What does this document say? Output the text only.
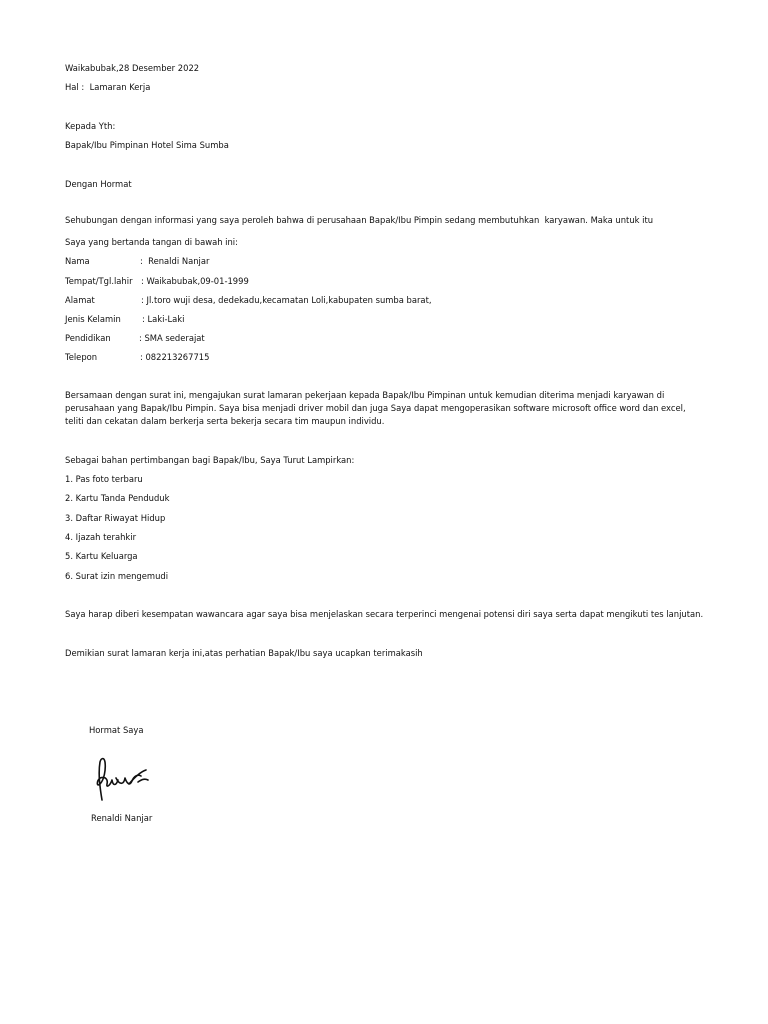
Waikabubak,28 Desember 2022
Hal :  Lamaran Kerja
Kepada Yth:
Bapak/Ibu Pimpinan Hotel Sima Sumba
Dengan Hormat
Sehubungan dengan informasi yang saya peroleh bahwa di perusahaan Bapak/Ibu Pimpin sedang membutuhkan  karyawan. Maka untuk itu
Saya yang bertanda tangan di bawah ini:
Nama	:  Renaldi Nanjar
Tempat/Tgl.lahir : Waikabubak,09-01-1999
Alamat	: Jl.toro wuji desa, dedekadu,kecamatan Loli,kabupaten sumba barat,
Jenis Kelamin	: Laki-Laki
Pendidikan	: SMA sederajat
Telepon	: 082213267715
Bersamaan dengan surat ini, mengajukan surat lamaran pekerjaan kepada Bapak/Ibu Pimpinan untuk kemudian diterima menjadi karyawan di perusahaan yang Bapak/Ibu Pimpin. Saya bisa menjadi driver mobil dan juga Saya dapat mengoperasikan software microsoft office word dan excel, teliti dan cekatan dalam berkerja serta bekerja secara tim maupun individu.
Sebagai bahan pertimbangan bagi Bapak/Ibu, Saya Turut Lampirkan:
1. Pas foto terbaru
2. Kartu Tanda Penduduk
3. Daftar Riwayat Hidup
4. Ijazah terahkir
5. Kartu Keluarga
6. Surat izin mengemudi
Saya harap diberi kesempatan wawancara agar saya bisa menjelaskan secara terperinci mengenai potensi diri saya serta dapat mengikuti tes lanjutan.
Demikian surat lamaran kerja ini,atas perhatian Bapak/Ibu saya ucapkan terimakasih
Hormat Saya
Renaldi Nanjar
